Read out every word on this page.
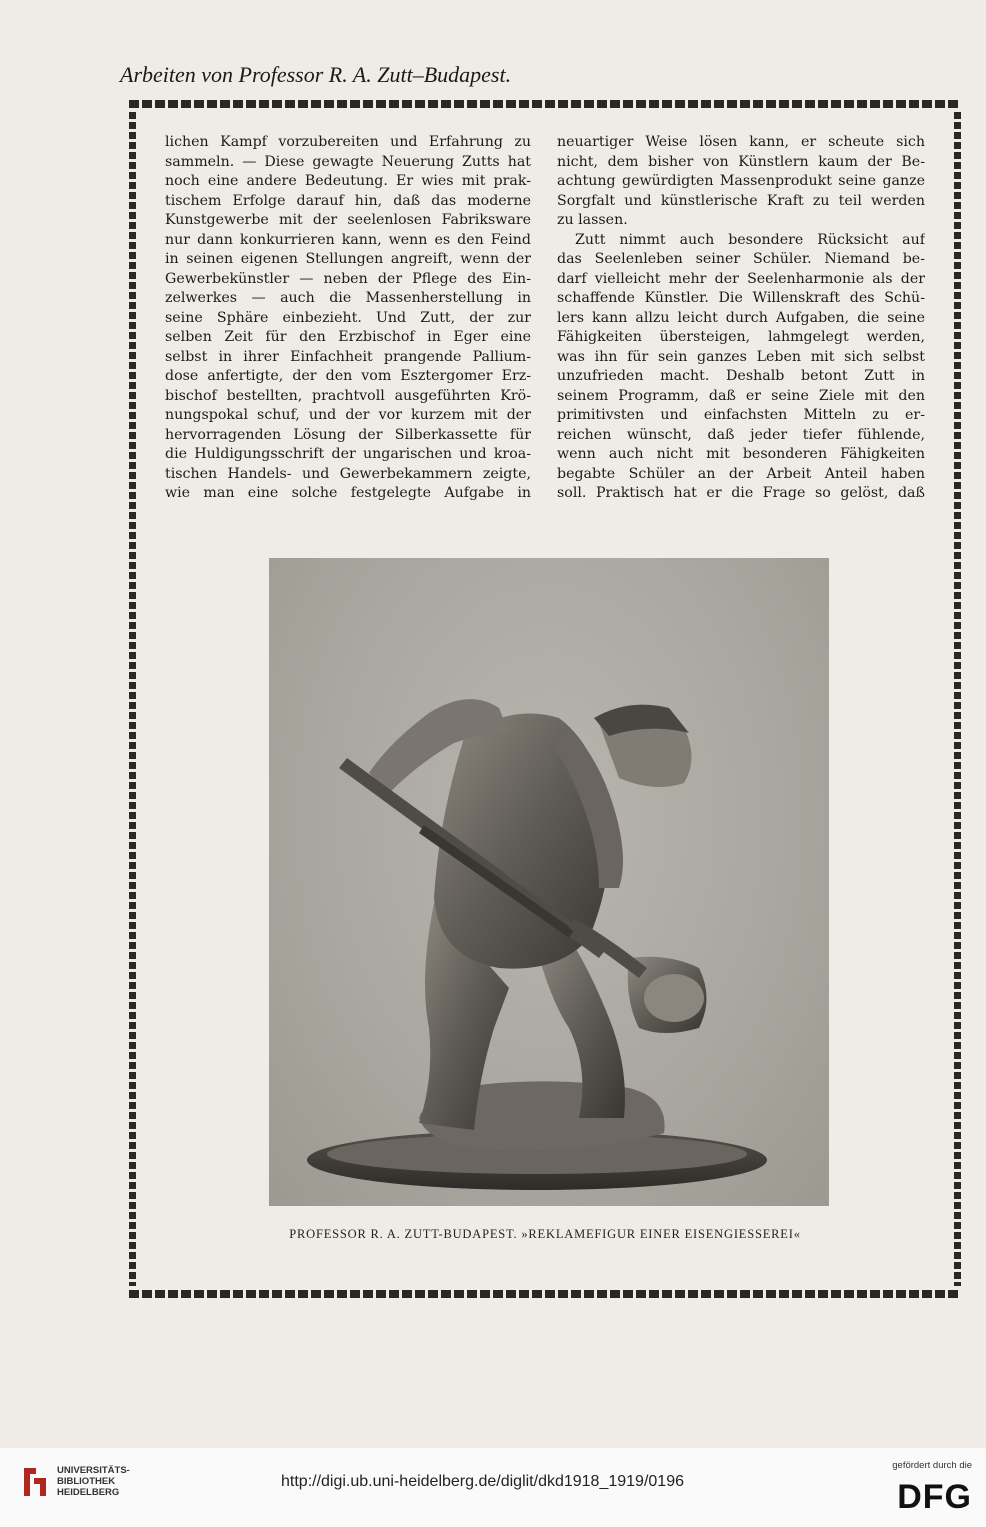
Arbeiten von Professor R. A. Zutt–Budapest.
lichen Kampf vorzubereiten und Erfahrung zu
sammeln. — Diese gewagte Neuerung Zutts hat
noch eine andere Bedeutung. Er wies mit prak-
tischem Erfolge darauf hin, daß das moderne
Kunstgewerbe mit der seelenlosen Fabriksware
nur dann konkurrieren kann, wenn es den Feind
in seinen eigenen Stellungen angreift, wenn der
Gewerbekünstler — neben der Pflege des Ein-
zelwerkes — auch die Massenherstellung in
seine Sphäre einbezieht. Und Zutt, der zur
selben Zeit für den Erzbischof in Eger eine
selbst in ihrer Einfachheit prangende Pallium-
dose anfertigte, der den vom Esztergomer Erz-
bischof bestellten, prachtvoll ausgeführten Krö-
nungspokal schuf, und der vor kurzem mit der
hervorragenden Lösung der Silberkassette für
die Huldigungsschrift der ungarischen und kroa-
tischen Handels- und Gewerbekammern zeigte,
wie man eine solche festgelegte Aufgabe in
neuartiger Weise lösen kann, er scheute sich
nicht, dem bisher von Künstlern kaum der Be-
achtung gewürdigten Massenprodukt seine ganze
Sorgfalt und künstlerische Kraft zu teil werden
zu lassen.
Zutt nimmt auch besondere Rücksicht auf
das Seelenleben seiner Schüler. Niemand be-
darf vielleicht mehr der Seelenharmonie als der
schaffende Künstler. Die Willenskraft des Schü-
lers kann allzu leicht durch Aufgaben, die seine
Fähigkeiten übersteigen, lahmgelegt werden,
was ihn für sein ganzes Leben mit sich selbst
unzufrieden macht. Deshalb betont Zutt in
seinem Programm, daß er seine Ziele mit den
primitivsten und einfachsten Mitteln zu er-
reichen wünscht, daß jeder tiefer fühlende,
wenn auch nicht mit besonderen Fähigkeiten
begabte Schüler an der Arbeit Anteil haben
soll. Praktisch hat er die Frage so gelöst, daß
PROFESSOR R. A. ZUTT-BUDAPEST. »REKLAMEFIGUR EINER EISENGIESSEREI«
UNIVERSITÄTS-
BIBLIOTHEK
HEIDELBERG
http://digi.ub.uni-heidelberg.de/diglit/dkd1918_1919/0196
gefördert durch die
DFG
